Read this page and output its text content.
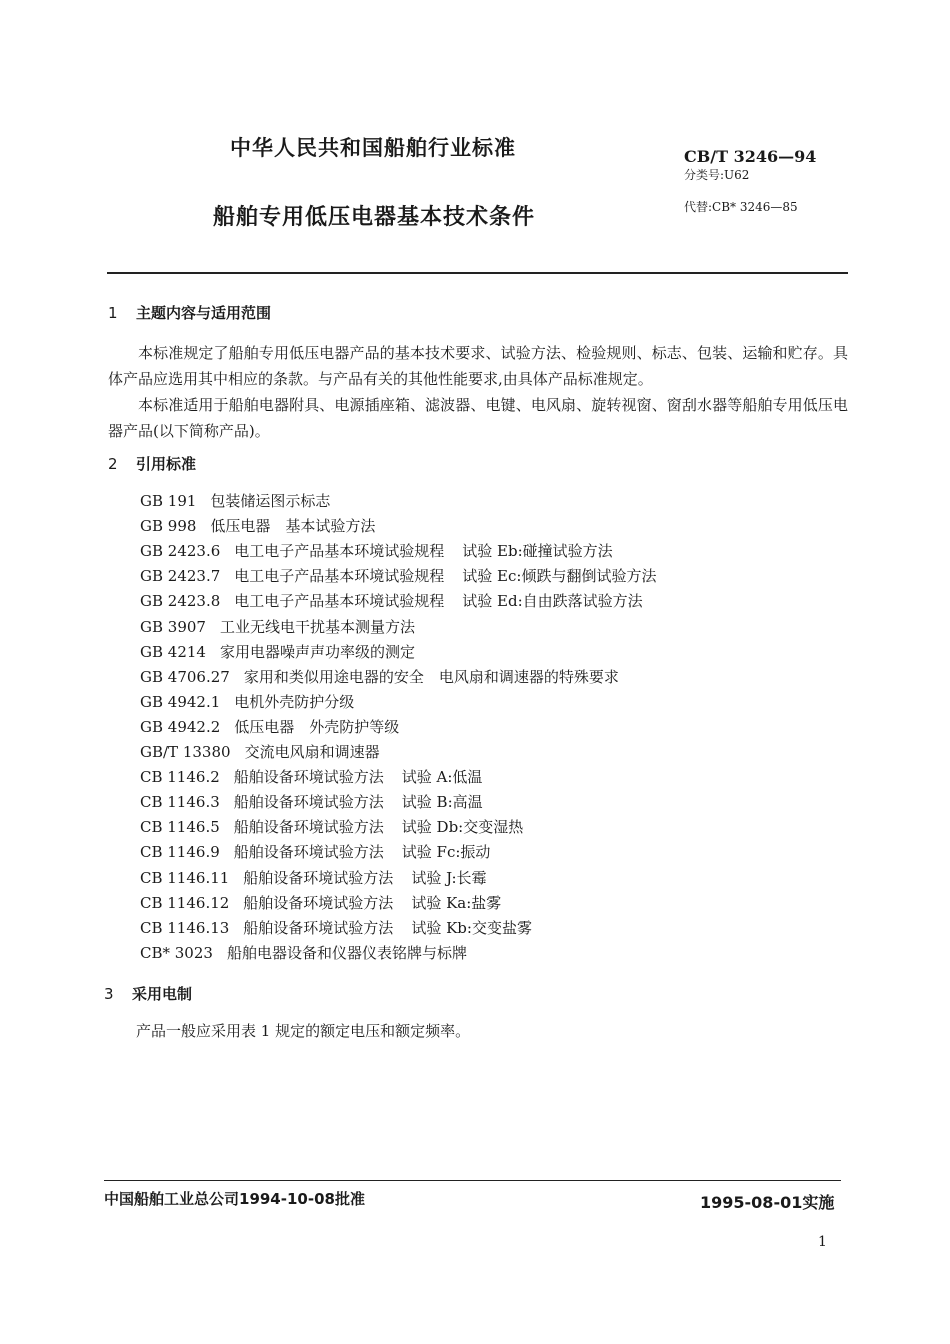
中华人民共和国船舶行业标准
船舶专用低压电器基本技术条件
CB/T 3246—94
分类号:U62
代替:CB* 3246—85
1 主题内容与适用范围

本标准规定了船舶专用低压电器产品的基本技术要求、试验方法、检验规则、标志、包装、运输和贮存。具体产品应选用其中相应的条款。与产品有关的其他性能要求,由具体产品标准规定。

本标准适用于船舶电器附具、电源插座箱、滤波器、电键、电风扇、旋转视窗、窗刮水器等船舶专用低压电器产品(以下简称产品)。

2 引用标准
GB 191 包装储运图示标志
GB 998 低压电器　基本试验方法
GB 2423.6 电工电子产品基本环境试验规程 试验 Eb:碰撞试验方法
GB 2423.7 电工电子产品基本环境试验规程 试验 Ec:倾跌与翻倒试验方法
GB 2423.8 电工电子产品基本环境试验规程 试验 Ed:自由跌落试验方法
GB 3907 工业无线电干扰基本测量方法
GB 4214 家用电器噪声声功率级的测定
GB 4706.27 家用和类似用途电器的安全　电风扇和调速器的特殊要求
GB 4942.1 电机外壳防护分级
GB 4942.2 低压电器　外壳防护等级
GB/T 13380 交流电风扇和调速器
CB 1146.2 船舶设备环境试验方法 试验 A:低温
CB 1146.3 船舶设备环境试验方法 试验 B:高温
CB 1146.5 船舶设备环境试验方法 试验 Db:交变湿热
CB 1146.9 船舶设备环境试验方法 试验 Fc:振动
CB 1146.11 船舶设备环境试验方法 试验 J:长霉
CB 1146.12 船舶设备环境试验方法 试验 Ka:盐雾
CB 1146.13 船舶设备环境试验方法 试验 Kb:交变盐雾
CB* 3023 船舶电器设备和仪器仪表铭牌与标牌
3 采用电制
产品一般应采用表 1 规定的额定电压和额定频率。
中国船舶工业总公司1994-10-08批准	1995-08-01实施
1
